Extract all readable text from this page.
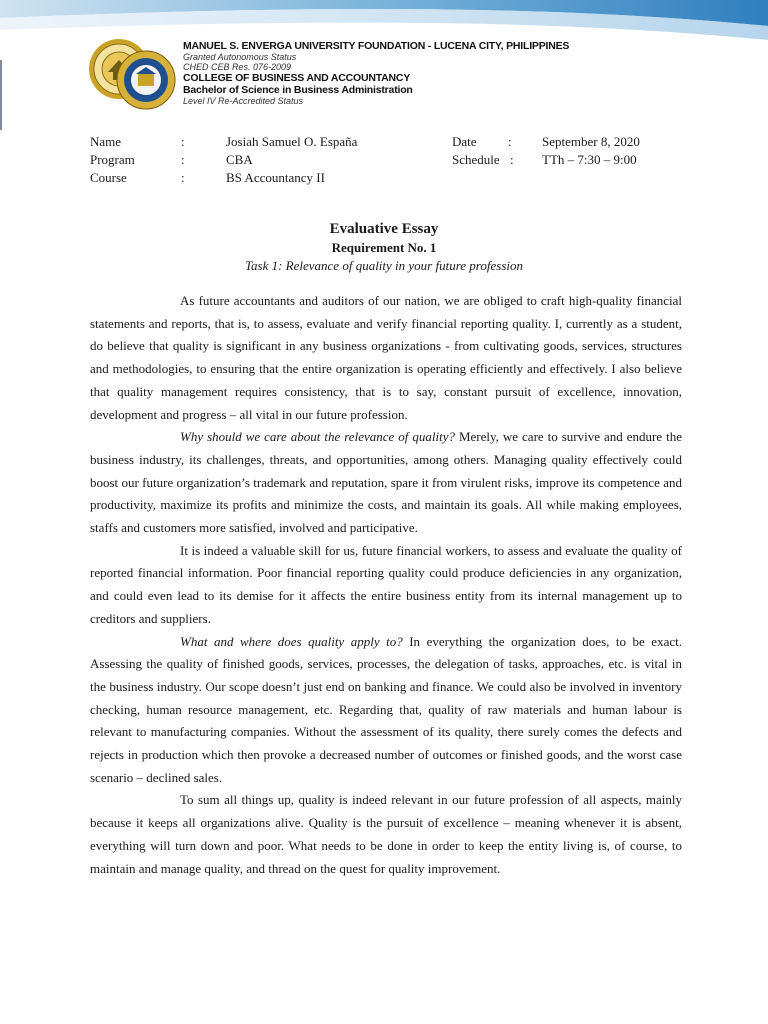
MANUEL S. ENVERGA UNIVERSITY FOUNDATION - LUCENA CITY, PHILIPPINES
Granted Autonomous Status
CHED CEB Res. 076-2009
COLLEGE OF BUSINESS AND ACCOUNTANCY
Bachelor of Science in Business Administration
Level IV Re-Accredited Status
Name	:	Josiah Samuel O. España
Program	:	CBA
Course	:	BS Accountancy II
Date : September 8, 2020
Schedule : TTh – 7:30 – 9:00
Evaluative Essay
Requirement No. 1
Task 1: Relevance of quality in your future profession

As future accountants and auditors of our nation, we are obliged to craft high-quality financial statements and reports, that is, to assess, evaluate and verify financial reporting quality. I, currently as a student, do believe that quality is significant in any business organizations - from cultivating goods, services, structures and methodologies, to ensuring that the entire organization is operating efficiently and effectively. I also believe that quality management requires consistency, that is to say, constant pursuit of excellence, innovation, development and progress – all vital in our future profession.

Why should we care about the relevance of quality? Merely, we care to survive and endure the business industry, its challenges, threats, and opportunities, among others. Managing quality effectively could boost our future organization’s trademark and reputation, spare it from virulent risks, improve its competence and productivity, maximize its profits and minimize the costs, and maintain its goals. All while making employees, staffs and customers more satisfied, involved and participative.

It is indeed a valuable skill for us, future financial workers, to assess and evaluate the quality of reported financial information. Poor financial reporting quality could produce deficiencies in any organization, and could even lead to its demise for it affects the entire business entity from its internal management up to creditors and suppliers.

What and where does quality apply to? In everything the organization does, to be exact. Assessing the quality of finished goods, services, processes, the delegation of tasks, approaches, etc. is vital in the business industry. Our scope doesn’t just end on banking and finance. We could also be involved in inventory checking, human resource management, etc. Regarding that, quality of raw materials and human labour is relevant to manufacturing companies. Without the assessment of its quality, there surely comes the defects and rejects in production which then provoke a decreased number of outcomes or finished goods, and the worst case scenario – declined sales.

To sum all things up, quality is indeed relevant in our future profession of all aspects, mainly because it keeps all organizations alive. Quality is the pursuit of excellence – meaning whenever it is absent, everything will turn down and poor. What needs to be done in order to keep the entity living is, of course, to maintain and manage quality, and thread on the quest for quality improvement.
